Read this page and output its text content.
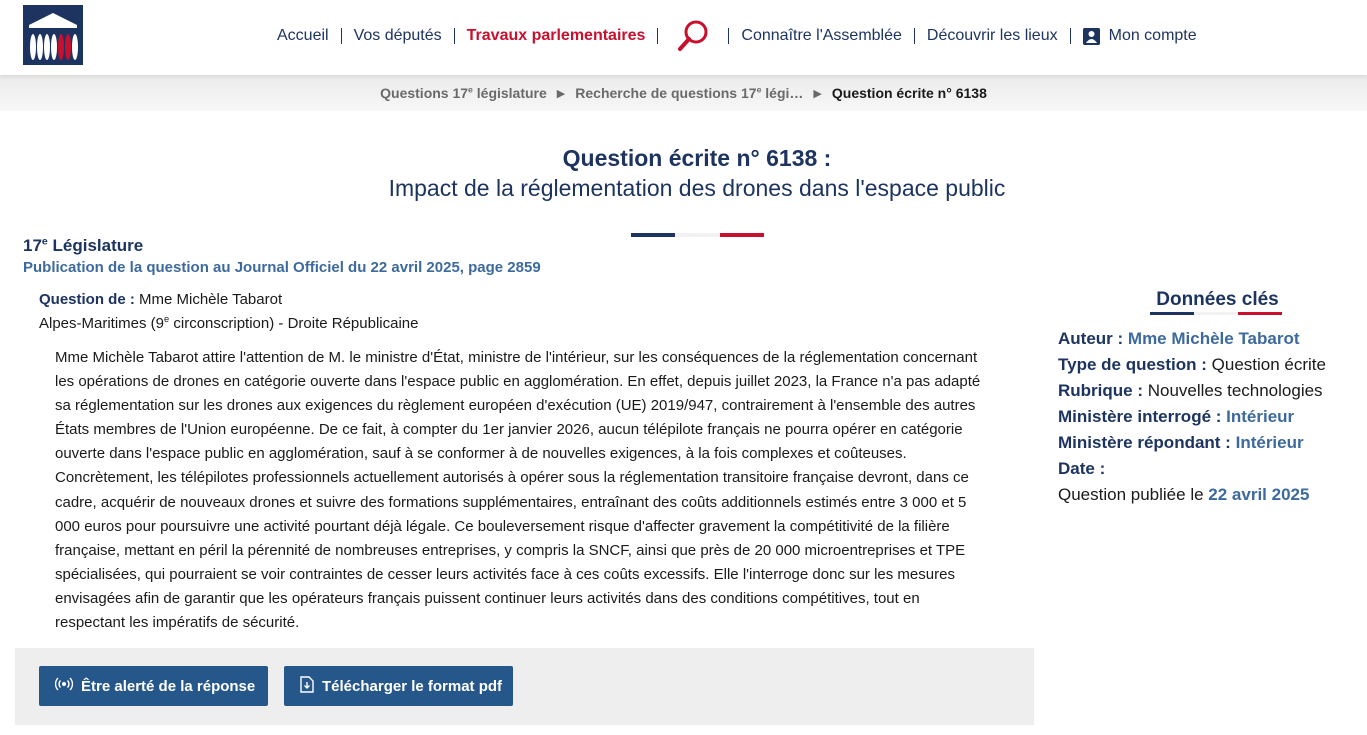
Accueil	Vos députés	Travaux parlementaires	Connaître l'Assemblée	Découvrir les lieux	Mon compte
Questions 17e législature ▶ Recherche de questions 17e légi… ▶ Question écrite n° 6138
Question écrite n° 6138 :
Impact de la réglementation des drones dans l'espace public
17e Législature
Publication de la question au Journal Officiel du 22 avril 2025, page 2859
Question de : Mme Michèle Tabarot
Alpes-Maritimes (9e circonscription) - Droite Républicaine
Mme Michèle Tabarot attire l'attention de M. le ministre d'État, ministre de l'intérieur, sur les conséquences de la réglementation concernant les opérations de drones en catégorie ouverte dans l'espace public en agglomération. En effet, depuis juillet 2023, la France n'a pas adapté sa réglementation sur les drones aux exigences du règlement européen d'exécution (UE) 2019/947, contrairement à l'ensemble des autres États membres de l'Union européenne. De ce fait, à compter du 1er janvier 2026, aucun télépilote français ne pourra opérer en catégorie ouverte dans l'espace public en agglomération, sauf à se conformer à de nouvelles exigences, à la fois complexes et coûteuses. Concrètement, les télépilotes professionnels actuellement autorisés à opérer sous la réglementation transitoire française devront, dans ce cadre, acquérir de nouveaux drones et suivre des formations supplémentaires, entraînant des coûts additionnels estimés entre 3 000 et 5 000 euros pour poursuivre une activité pourtant déjà légale. Ce bouleversement risque d'affecter gravement la compétitivité de la filière française, mettant en péril la pérennité de nombreuses entreprises, y compris la SNCF, ainsi que près de 20 000 microentreprises et TPE spécialisées, qui pourraient se voir contraintes de cesser leurs activités face à ces coûts excessifs. Elle l'interroge donc sur les mesures envisagées afin de garantir que les opérateurs français puissent continuer leurs activités dans des conditions compétitives, tout en respectant les impératifs de sécurité.
Être alerté de la réponse	Télécharger le format pdf
Données clés
Auteur : Mme Michèle Tabarot
Type de question : Question écrite
Rubrique : Nouvelles technologies
Ministère interrogé : Intérieur
Ministère répondant : Intérieur
Date :
Question publiée le 22 avril 2025
